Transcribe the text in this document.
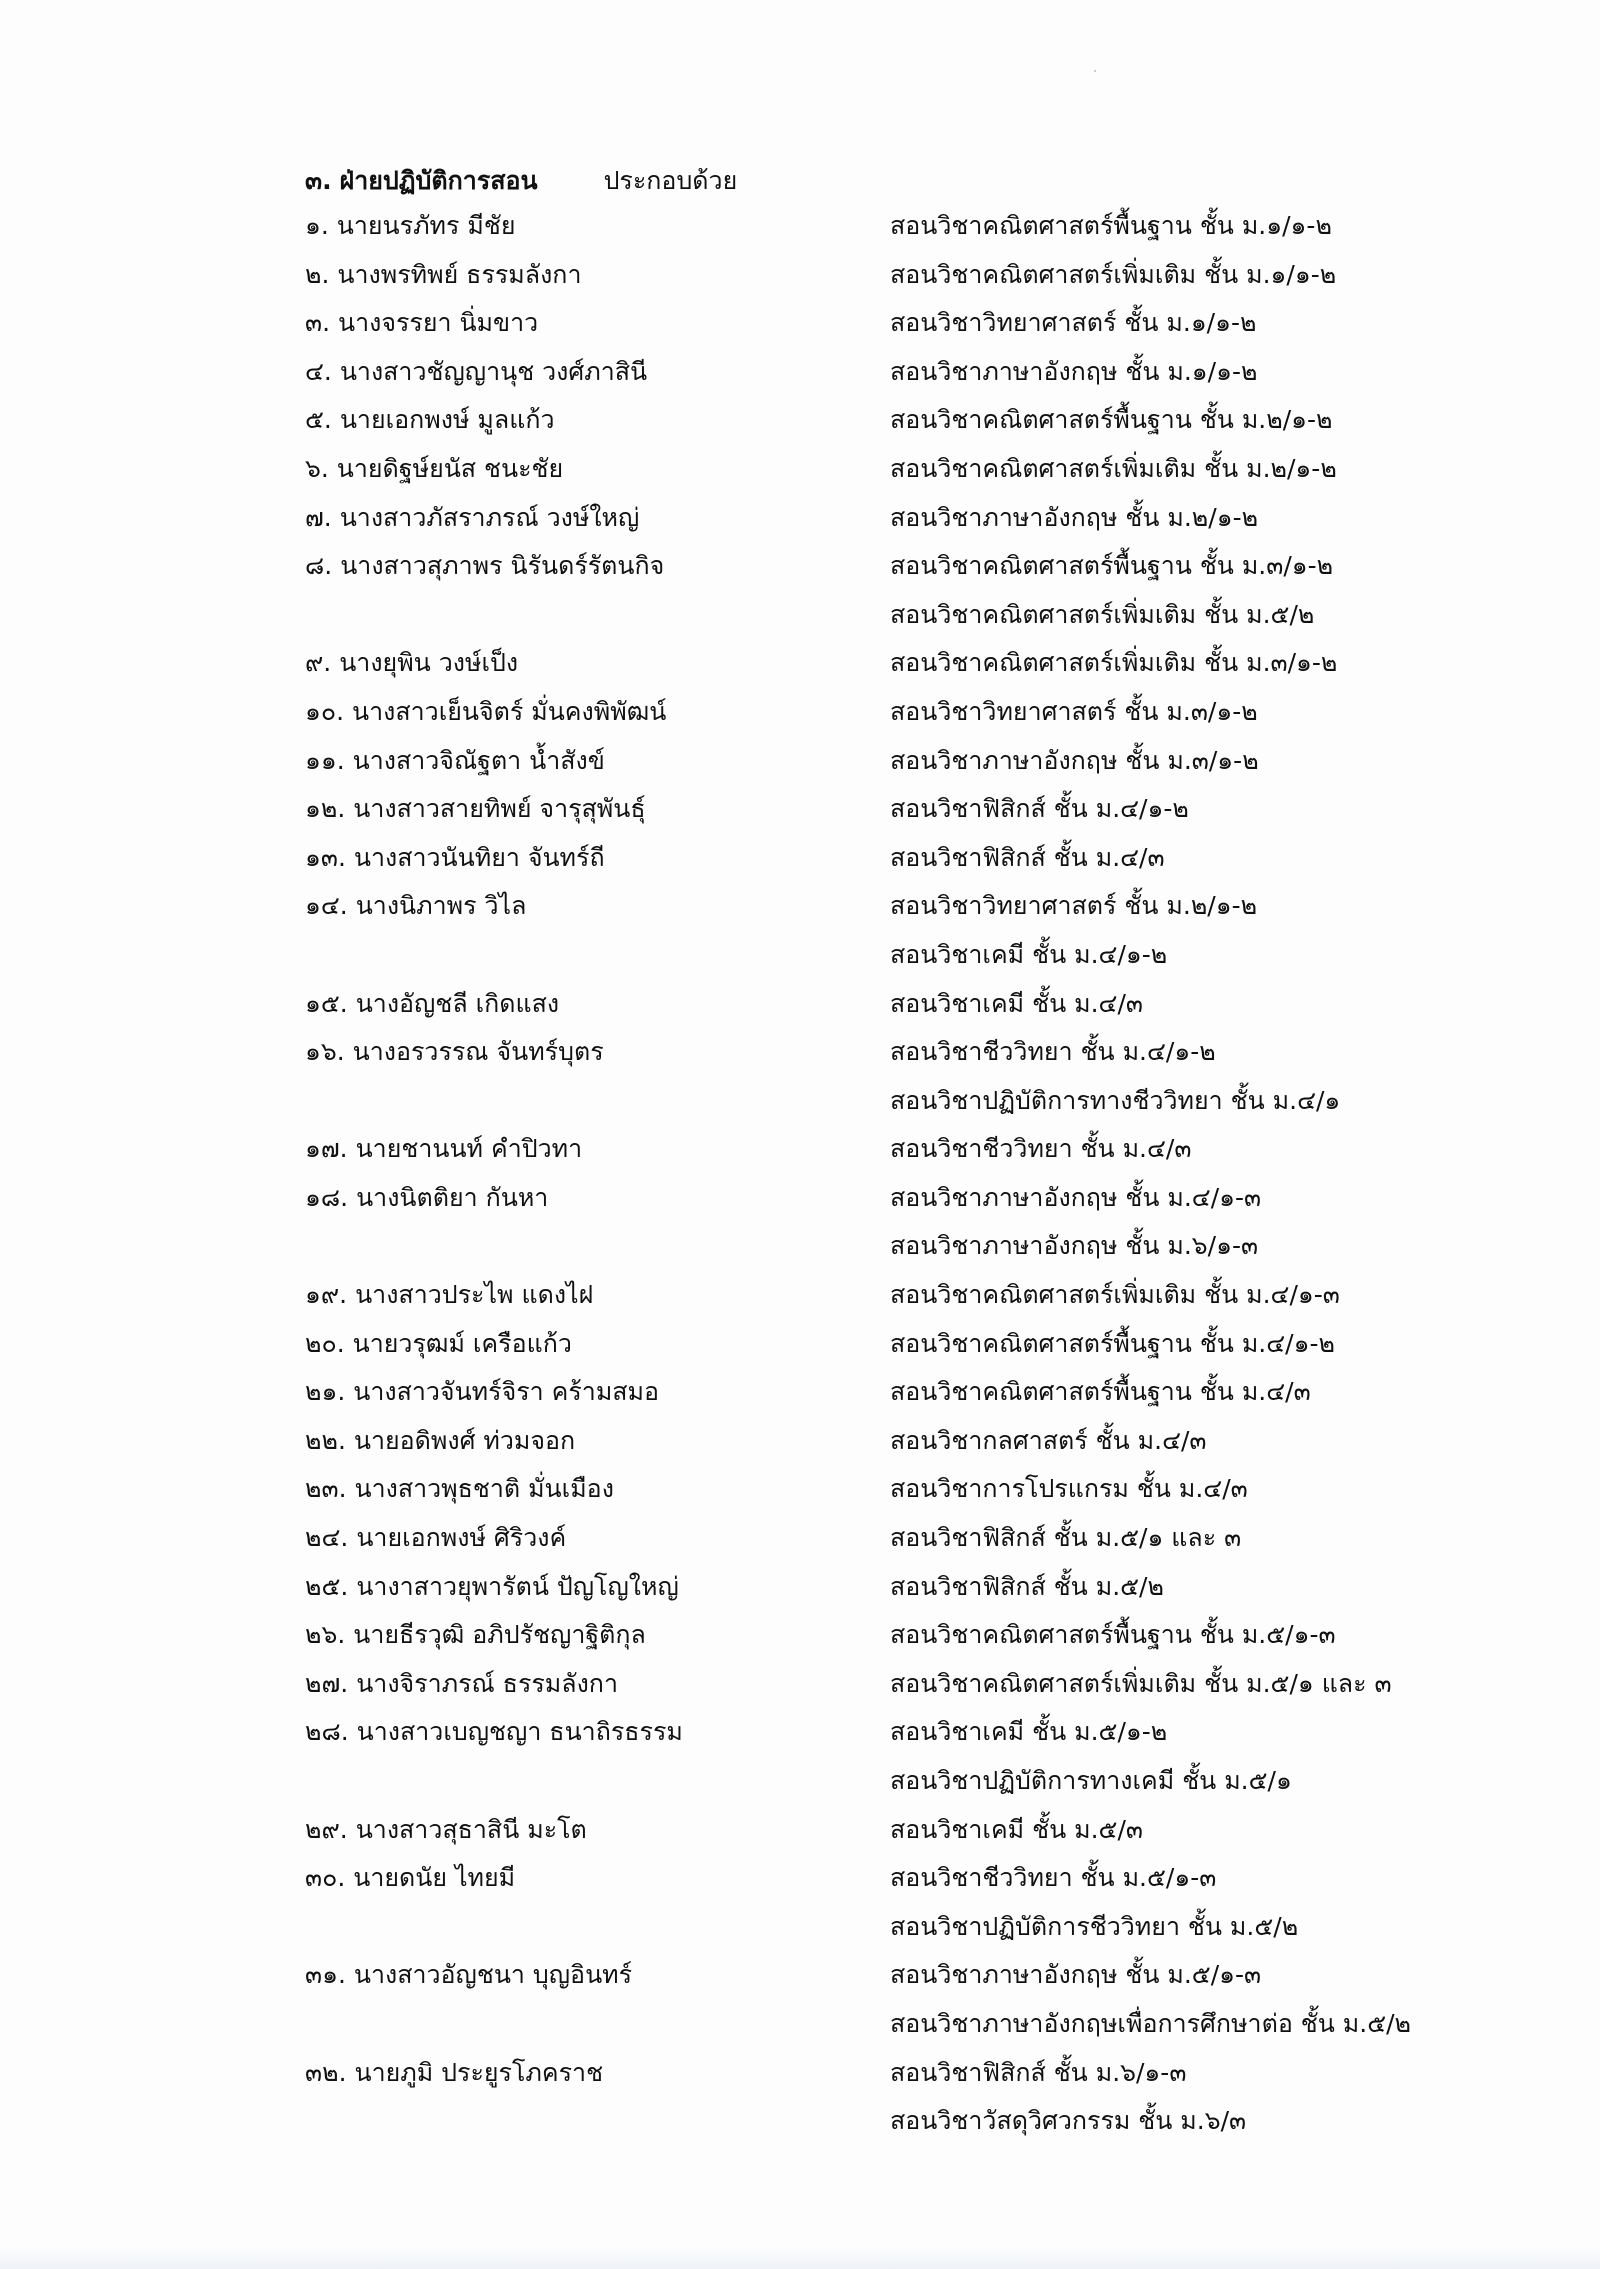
๓. ฝ่ายปฏิบัติการสอน	ประกอบด้วย
๑. นายนรภัทร มีชัย	สอนวิชาคณิตศาสตร์พื้นฐาน ชั้น ม.๑/๑-๒
๒. นางพรทิพย์ ธรรมลังกา	สอนวิชาคณิตศาสตร์เพิ่มเติม ชั้น ม.๑/๑-๒
๓. นางจรรยา นิ่มขาว	สอนวิชาวิทยาศาสตร์ ชั้น ม.๑/๑-๒
๔. นางสาวชัญญานุช วงศ์ภาสินี	สอนวิชาภาษาอังกฤษ ชั้น ม.๑/๑-๒
๕. นายเอกพงษ์ มูลแก้ว	สอนวิชาคณิตศาสตร์พื้นฐาน ชั้น ม.๒/๑-๒
๖. นายดิฐษ์ยนัส ชนะชัย	สอนวิชาคณิตศาสตร์เพิ่มเติม ชั้น ม.๒/๑-๒
๗. นางสาวภัสราภรณ์ วงษ์ใหญ่	สอนวิชาภาษาอังกฤษ ชั้น ม.๒/๑-๒
๘. นางสาวสุภาพร นิรันดร์รัตนกิจ	สอนวิชาคณิตศาสตร์พื้นฐาน ชั้น ม.๓/๑-๒
สอนวิชาคณิตศาสตร์เพิ่มเติม ชั้น ม.๕/๒
๙. นางยุพิน วงษ์เป็ง	สอนวิชาคณิตศาสตร์เพิ่มเติม ชั้น ม.๓/๑-๒
๑๐. นางสาวเย็นจิตร์ มั่นคงพิพัฒน์	สอนวิชาวิทยาศาสตร์ ชั้น ม.๓/๑-๒
๑๑. นางสาวจิณัฐตา น้ำสังข์	สอนวิชาภาษาอังกฤษ ชั้น ม.๓/๑-๒
๑๒. นางสาวสายทิพย์ จารุสุพันธุ์	สอนวิชาฟิสิกส์ ชั้น ม.๔/๑-๒
๑๓. นางสาวนันทิยา จันทร์ถี	สอนวิชาฟิสิกส์ ชั้น ม.๔/๓
๑๔. นางนิภาพร วิไล	สอนวิชาวิทยาศาสตร์ ชั้น ม.๒/๑-๒
สอนวิชาเคมี ชั้น ม.๔/๑-๒
๑๕. นางอัญชลี เกิดแสง	สอนวิชาเคมี ชั้น ม.๔/๓
๑๖. นางอรวรรณ จันทร์บุตร	สอนวิชาชีววิทยา ชั้น ม.๔/๑-๒
สอนวิชาปฏิบัติการทางชีววิทยา ชั้น ม.๔/๑
๑๗. นายชานนท์ คำปิวทา	สอนวิชาชีววิทยา ชั้น ม.๔/๓
๑๘. นางนิตติยา กันหา	สอนวิชาภาษาอังกฤษ ชั้น ม.๔/๑-๓
สอนวิชาภาษาอังกฤษ ชั้น ม.๖/๑-๓
๑๙. นางสาวประไพ แดงไฝ	สอนวิชาคณิตศาสตร์เพิ่มเติม ชั้น ม.๔/๑-๓
๒๐. นายวรุฒม์ เครือแก้ว	สอนวิชาคณิตศาสตร์พื้นฐาน ชั้น ม.๔/๑-๒
๒๑. นางสาวจันทร์จิรา คร้ามสมอ	สอนวิชาคณิตศาสตร์พื้นฐาน ชั้น ม.๔/๓
๒๒. นายอดิพงศ์ ท่วมจอก	สอนวิชากลศาสตร์ ชั้น ม.๔/๓
๒๓. นางสาวพุธชาติ มั่นเมือง	สอนวิชาการโปรแกรม ชั้น ม.๔/๓
๒๔. นายเอกพงษ์ ศิริวงค์	สอนวิชาฟิสิกส์ ชั้น ม.๕/๑ และ ๓
๒๕. นางาสาวยุพารัตน์ ปัญโญใหญ่	สอนวิชาฟิสิกส์ ชั้น ม.๕/๒
๒๖. นายธีรวุฒิ อภิปรัชญาฐิติกุล	สอนวิชาคณิตศาสตร์พื้นฐาน ชั้น ม.๕/๑-๓
๒๗. นางจิราภรณ์ ธรรมลังกา	สอนวิชาคณิตศาสตร์เพิ่มเติม ชั้น ม.๕/๑ และ ๓
๒๘. นางสาวเบญชญา ธนาถิรธรรม	สอนวิชาเคมี ชั้น ม.๕/๑-๒
สอนวิชาปฏิบัติการทางเคมี ชั้น ม.๕/๑
๒๙. นางสาวสุธาสินี มะโต	สอนวิชาเคมี ชั้น ม.๕/๓
๓๐. นายดนัย ไทยมี	สอนวิชาชีววิทยา ชั้น ม.๕/๑-๓
สอนวิชาปฏิบัติการชีววิทยา ชั้น ม.๕/๒
๓๑. นางสาวอัญชนา บุญอินทร์	สอนวิชาภาษาอังกฤษ ชั้น ม.๕/๑-๓
สอนวิชาภาษาอังกฤษเพื่อการศึกษาต่อ ชั้น ม.๕/๒
๓๒. นายภูมิ ประยูรโภคราช	สอนวิชาฟิสิกส์ ชั้น ม.๖/๑-๓
สอนวิชาวัสดุวิศวกรรม ชั้น ม.๖/๓
